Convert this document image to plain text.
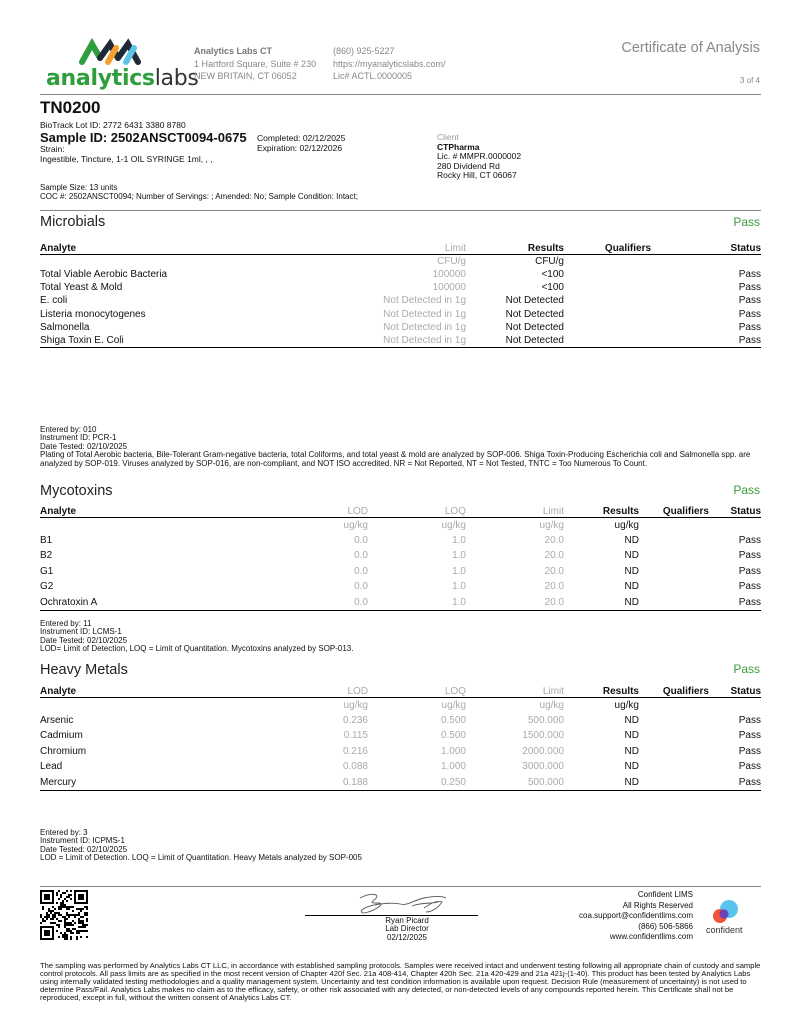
analyticslabs
Analytics Labs CT
1 Hartford Square, Suite # 230
NEW BRITAIN, CT 06052
(860) 925-5227
https://myanalyticslabs.com/
Lic# ACTL.0000005
Certificate of Analysis
3 of 4
TN0200
BioTrack Lot ID: 2772 6431 3380 8780
Sample ID: 2502ANSCT0094-0675
Strain:
Ingestible, Tincture, 1-1 OIL SYRINGE 1ml, , ,
Completed: 02/12/2025
Expiration: 02/12/2026
Client
CTPharma
Lic. # MMPR.0000002
280 Dividend Rd
Rocky Hill, CT 06067
Sample Size: 13 units
COC #: 2502ANSCT0094; Number of Servings: ; Amended: No; Sample Condition: Intact;
Microbials	Pass
Analyte	Limit	Results	Qualifiers	Status
	CFU/g	CFU/g		
Total Viable Aerobic Bacteria	100000	<100		Pass
Total Yeast & Mold	100000	<100		Pass
E. coli	Not Detected in 1g	Not Detected		Pass
Listeria monocytogenes	Not Detected in 1g	Not Detected		Pass
Salmonella	Not Detected in 1g	Not Detected		Pass
Shiga Toxin E. Coli	Not Detected in 1g	Not Detected		Pass
Entered by: 010
Instrument ID: PCR-1
Date Tested: 02/10/2025
Plating of Total Aerobic bacteria, Bile-Tolerant Gram-negative bacteria, total Coliforms, and total yeast & mold are analyzed by SOP-006. Shiga Toxin-Producing Escherichia coli and Salmonella spp. are analyzed by SOP-019. Viruses analyzed by SOP-016, are non-compliant, and NOT ISO accredited. NR = Not Reported, NT = Not Tested, TNTC = Too Numerous To Count.
Mycotoxins	Pass
Analyte	LOD	LOQ	Limit	Results	Qualifiers	Status
	ug/kg	ug/kg	ug/kg	ug/kg		
B1	0.0	1.0	20.0	ND		Pass
B2	0.0	1.0	20.0	ND		Pass
G1	0.0	1.0	20.0	ND		Pass
G2	0.0	1.0	20.0	ND		Pass
Ochratoxin A	0.0	1.0	20.0	ND		Pass
Entered by: 11
Instrument ID: LCMS-1
Date Tested: 02/10/2025
LOD= Limit of Detection, LOQ = Limit of Quantitation. Mycotoxins analyzed by SOP-013.
Heavy Metals	Pass
Analyte	LOD	LOQ	Limit	Results	Qualifiers	Status
	ug/kg	ug/kg	ug/kg	ug/kg		
Arsenic	0.236	0.500	500.000	ND		Pass
Cadmium	0.115	0.500	1500.000	ND		Pass
Chromium	0.216	1.000	2000.000	ND		Pass
Lead	0.088	1.000	3000.000	ND		Pass
Mercury	0.188	0.250	500.000	ND		Pass
Entered by: 3
Instrument ID: ICPMS-1
Date Tested: 02/10/2025
LOD = Limit of Detection. LOQ = Limit of Quantitation. Heavy Metals analyzed by SOP-005
Ryan Picard
Lab Director
02/12/2025
Confident LIMS
All Rights Reserved
coa.support@confidentlims.com
(866) 506-5866
www.confidentlims.com
confident
The sampling was performed by Analytics Labs CT LLC, in accordance with established sampling protocols. Samples were received intact and underwent testing following all appropriate chain of custody and sample control protocols. All pass limits are as specified in the most recent version of Chapter 420f Sec. 21a 408-414, Chapter 420h Sec. 21a 420-429 and 21a 421j-(1-40). This product has been tested by Analytics Labs using internally validated testing methodologies and a quality management system. Uncertainty and test condition information is available upon request. Decision Rule (measurement of uncertainty) is not used to determine Pass/Fail. Analytics Labs makes no claim as to the efficacy, safety, or other risk associated with any detected, or non-detected levels of any compounds reported herein. This Certificate shall not be reproduced, except in full, without the written consent of Analytics Labs CT.
